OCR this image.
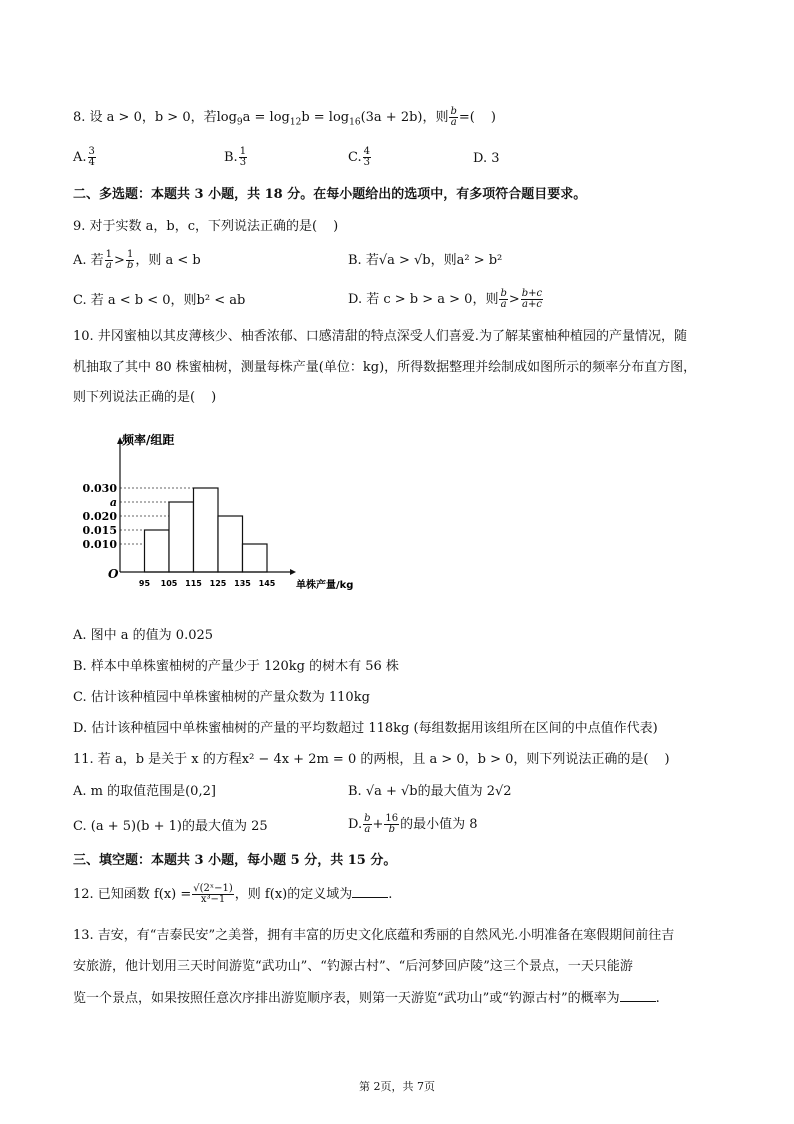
8. 设 a > 0，b > 0，若$\log_9a = \log_{12}b = \log_{16}(3a + 2b)$，则 $\frac{b}{a}$ =( )
A. $\frac{3}{4}$	B. $\frac{1}{3}$	C. $\frac{4}{3}$	D. 3
二、多选题：本题共 3 小题，共 18 分。在每小题给出的选项中，有多项符合题目要求。
9. 对于实数 a，b，c，下列说法正确的是( )
A. 若 $\frac{1}{a} > \frac{1}{b}$ ，则 a < b	B. 若√a > √b，则a² > b²
C. 若 a < b < 0，则b² < ab	D. 若 c > b > a > 0，则 $\frac{b}{a} > \frac{b+c}{a+c}$
10. 井冈蜜柚以其皮薄核少、柚香浓郁、口感清甜的特点深受人们喜爱.为了解某蜜柚种植园的产量情况，随
机抽取了其中 80 株蜜柚树，测量每株产量(单位：kg)，所得数据整理并绘制成如图所示的频率分布直方图，
则下列说法正确的是( )
0.030
a
0.020
0.015
0.010
95 105 115 125 135 145
O
频率/组距
单株产量/kg
A. 图中 a 的值为 0.025
B. 样本中单株蜜柚树的产量少于 120kg 的树木有 56 株
C. 估计该种植园中单株蜜柚树的产量众数为 110kg
D. 估计该种植园中单株蜜柚树的产量的平均数超过 118kg (每组数据用该组所在区间的中点值作代表)
11. 若 a，b 是关于 x 的方程x² − 4x + 2m = 0 的两根，且 a > 0，b > 0，则下列说法正确的是( )
A. m 的取值范围是(0,2]	B. √a + √b的最大值为 2√2
C. (a + 5)(b + 1)的最大值为 25	D. $\frac{b}{a} + \frac{16}{b}$ 的最小值为 8
三、填空题：本题共 3 小题，每小题 5 分，共 15 分。
12. 已知函数 $f(x) = \frac{\text{√(2ˣ−1)}}{\text{x³−1}}$ ，则 f(x)的定义域为	.
13. 吉安，有“吉泰民安”之美誉，拥有丰富的历史文化底蕴和秀丽的自然风光.小明准备在寒假期间前往吉
安旅游，他计划用三天时间游览“武功山”、“钓源古村”、“后河梦回庐陵”这三个景点，一天只能游
览一个景点，如果按照任意次序排出游览顺序表，则第一天游览“武功山”或“钓源古村”的概率为	.
第 2页，共 7页
